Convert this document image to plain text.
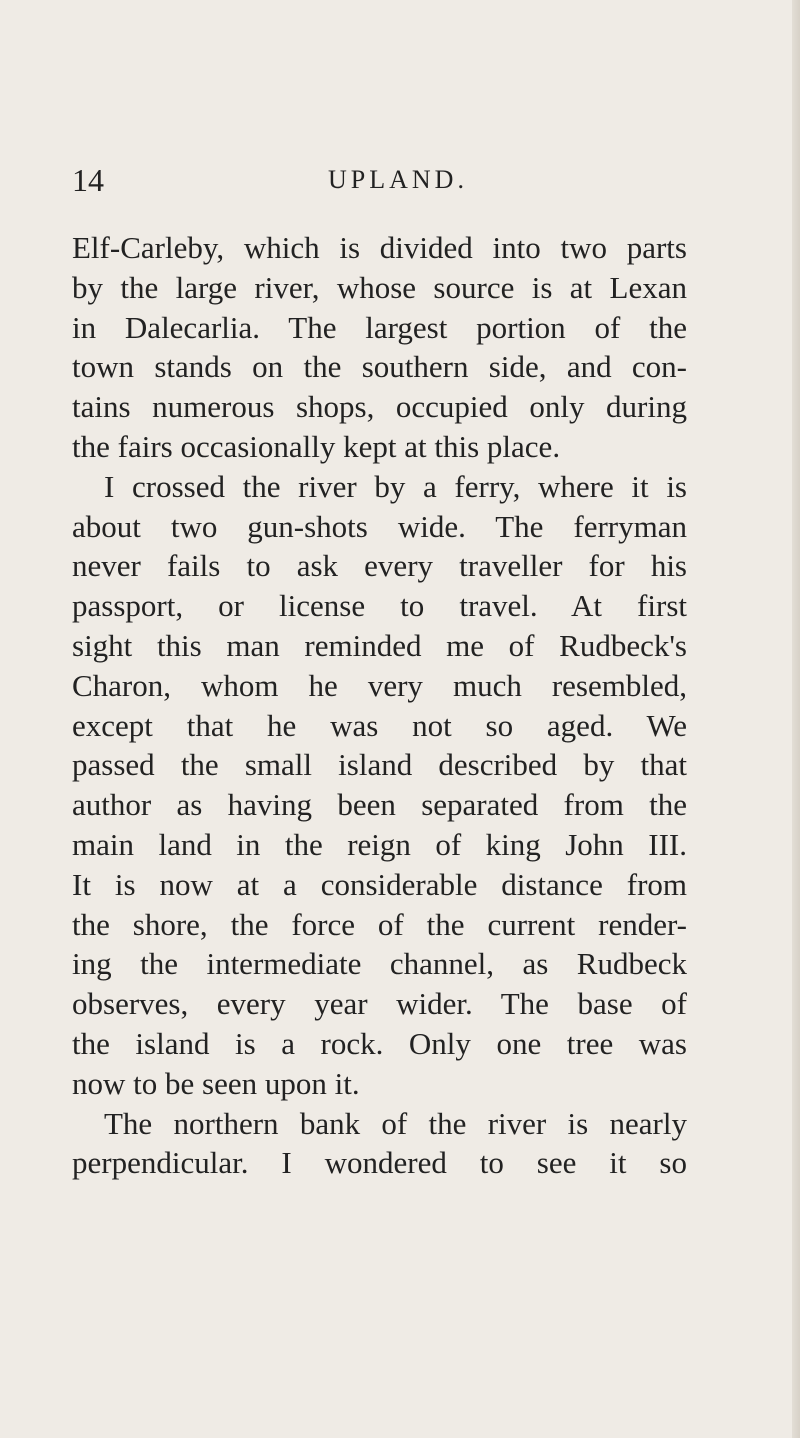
14	UPLAND.
Elf-Carleby, which is divided into two parts
by the large river, whose source is at Lexan
in Dalecarlia. The largest portion of the
town stands on the southern side, and con-
tains numerous shops, occupied only during
the fairs occasionally kept at this place.
I crossed the river by a ferry, where it is
about two gun-shots wide. The ferryman
never fails to ask every traveller for his
passport, or license to travel. At first
sight this man reminded me of Rudbeck's
Charon, whom he very much resembled,
except that he was not so aged. We
passed the small island described by that
author as having been separated from the
main land in the reign of king John III.
It is now at a considerable distance from
the shore, the force of the current render-
ing the intermediate channel, as Rudbeck
observes, every year wider. The base of
the island is a rock. Only one tree was
now to be seen upon it.
The northern bank of the river is nearly
perpendicular. I wondered to see it so
